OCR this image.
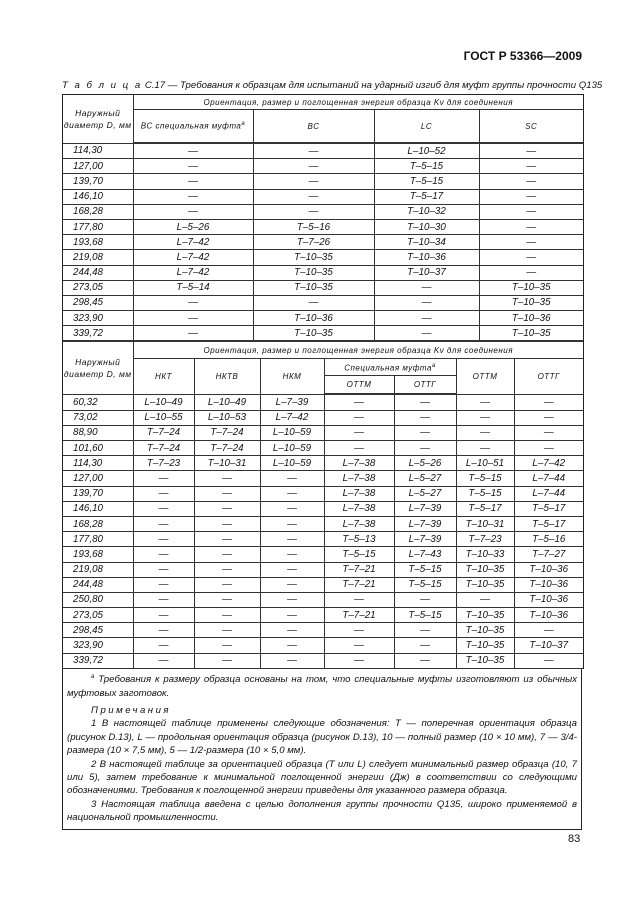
ГОСТ Р 53366—2009
Т а б л и ц а С.17 — Требования к образцам для испытаний на ударный изгиб для муфт группы прочности Q135
Наружный диаметр D, мм	Ориентация, размер и поглощенная энергия образца Kv для соединения			
	ВС специальная муфта$^а$	ВС	LC	SC
114,30	—	—	L–10–52	—
127,00	—	—	T–5–15	—
139,70	—	—	T–5–15	—
146,10	—	—	T–5–17	—
168,28	—	—	T–10–32	—
177,80	L–5–26	T–5–16	T–10–30	—
193,68	L–7–42	T–7–26	T–10–34	—
219,08	L–7–42	T–10–35	T–10–36	—
244,48	L–7–42	T–10–35	T–10–37	—
273,05	T–5–14	T–10–35	—	T–10–35
298,45	—	—	—	T–10–35
323,90	—	T–10–36	—	T–10–36
339,72	—	T–10–35	—	T–10–35
Наружный диаметр D, мм	Ориентация, размер и поглощенная энергия образца Kv для соединения						
	НКТ	НКТВ	НКМ	Специальная муфта$^а$		ОТТМ	ОТТГ
				ОТТМ	ОТТГ		
60,32	L–10–49	L–10–49	L–7–39	—	—	—	—
73,02	L–10–55	L–10–53	L–7–42	—	—	—	—
88,90	T–7–24	T–7–24	L–10–59	—	—	—	—
101,60	T–7–24	T–7–24	L–10–59	—	—	—	—
114,30	T–7–23	T–10–31	L–10–59	L–7–38	L–5–26	L–10–51	L–7–42
127,00	—	—	—	L–7–38	L–5–27	T–5–15	L–7–44
139,70	—	—	—	L–7–38	L–5–27	T–5–15	L–7–44
146,10	—	—	—	L–7–38	L–7–39	T–5–17	T–5–17
168,28	—	—	—	L–7–38	L–7–39	T–10–31	T–5–17
177,80	—	—	—	T–5–13	L–7–39	T–7–23	T–5–16
193,68	—	—	—	T–5–15	L–7–43	T–10–33	T–7–27
219,08	—	—	—	T–7–21	T–5–15	T–10–35	T–10–36
244,48	—	—	—	T–7–21	T–5–15	T–10–35	T–10–36
250,80	—	—	—	—	—	—	T–10–36
273,05	—	—	—	T–7–21	T–5–15	T–10–35	T–10–36
298,45	—	—	—	—	—	T–10–35	—
323,90	—	—	—	—	—	T–10–35	T–10–37
339,72	—	—	—	—	—	T–10–35	—

$^а$ Требования к размеру образца основаны на том, что специальные муфты изготовляют из обычных муфтовых заготовок.

Примечания

1 В настоящей таблице применены следующие обозначения: T — поперечная ориентация образца (рисунок D.13), L — продольная ориентация образца (рисунок D.13), 10 — полный размер (10 × 10 мм), 7 — 3/4-размера (10 × 7,5 мм), 5 — 1/2-размера (10 × 5,0 мм).

2 В настоящей таблице за ориентацией образца (T или L) следует минимальный размер образца (10, 7 или 5), затем требование к минимальной поглощенной энергии (Дж) в соответствии со следующими обозначениями. Требования к поглощенной энергии приведены для указанного размера образца.

3 Настоящая таблица введена с целью дополнения группы прочности Q135, широко применяемой в национальной промышленности.

83
